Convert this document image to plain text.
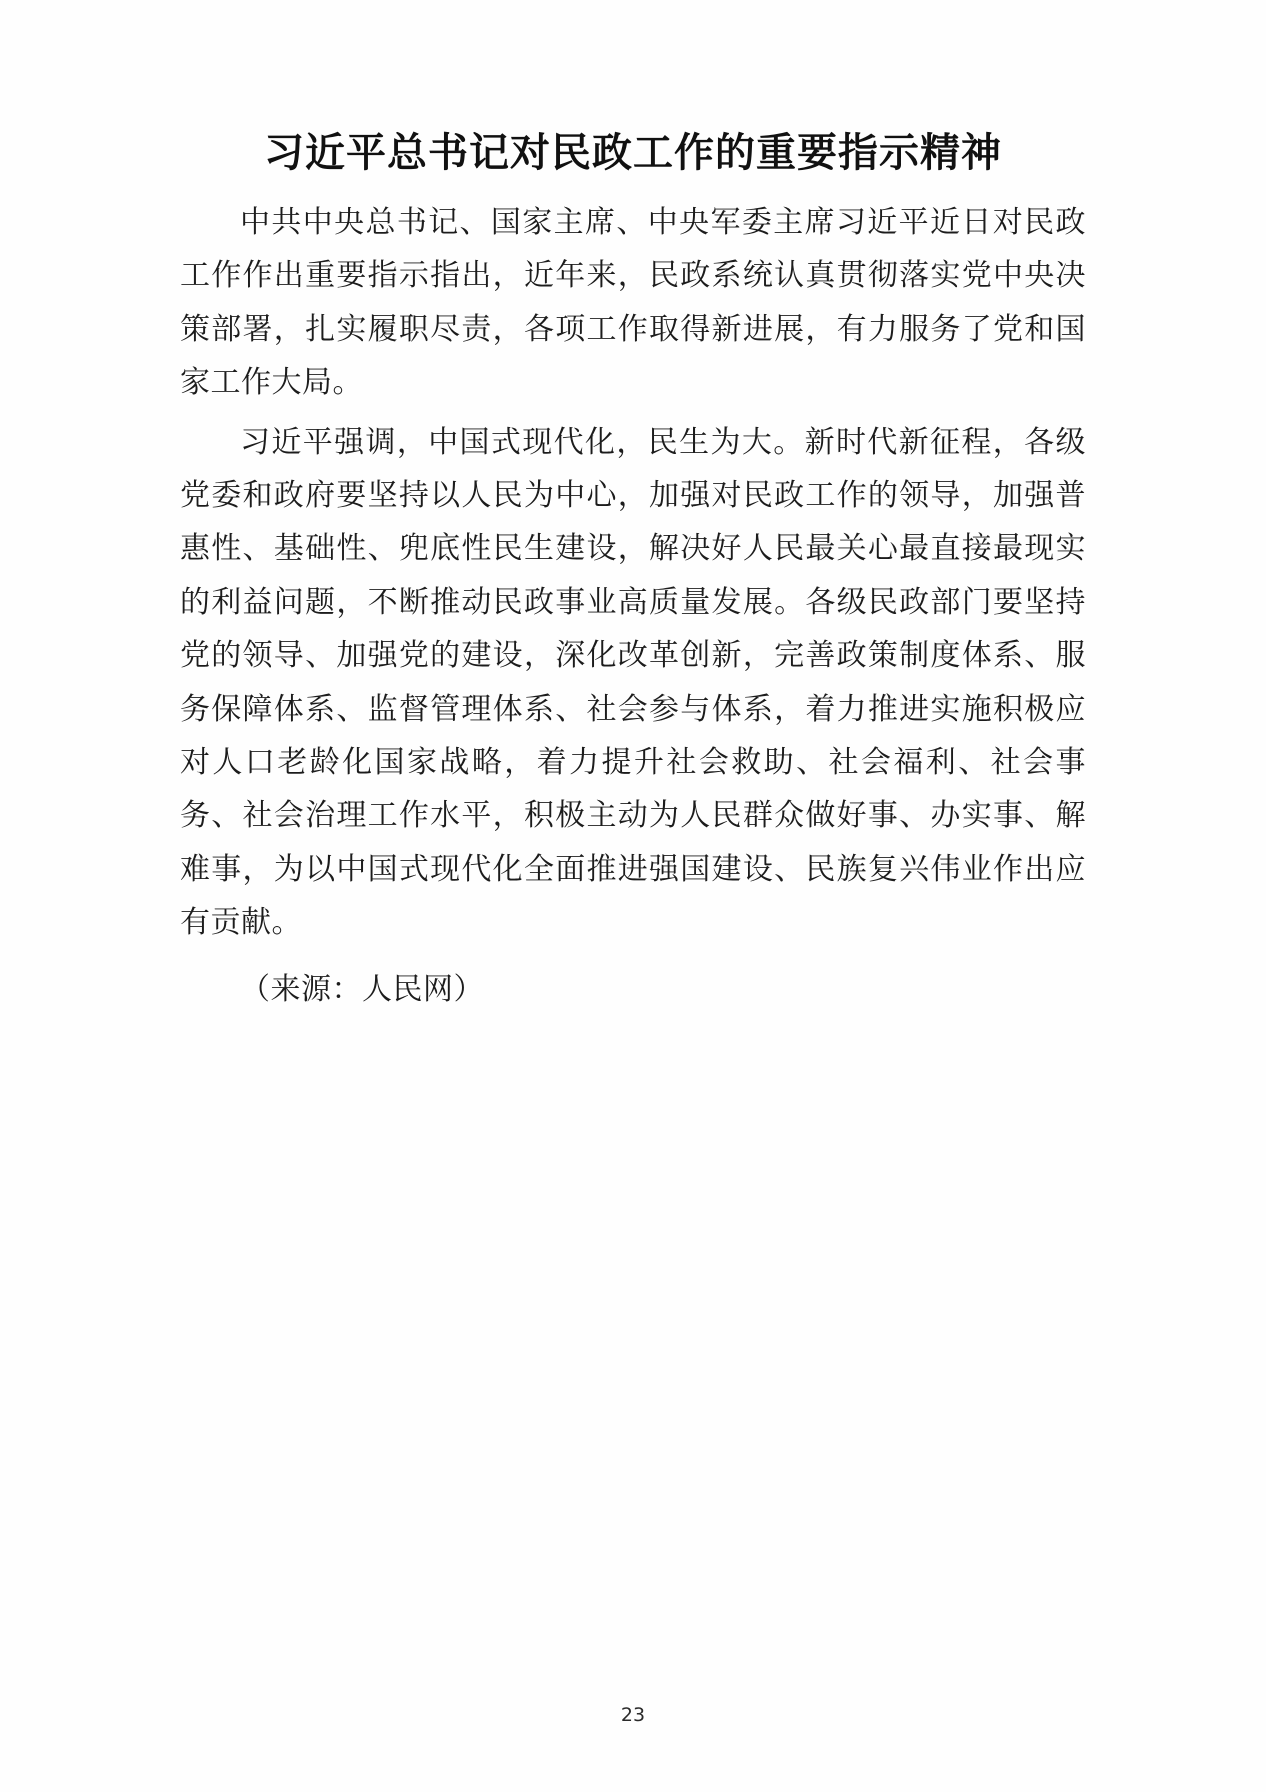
习近平总书记对民政工作的重要指示精神

中共中央总书记、国家主席、中央军委主席习近平近日对民政工作作出重要指示指出，近年来，民政系统认真贯彻落实党中央决策部署，扎实履职尽责，各项工作取得新进展，有力服务了党和国家工作大局。

习近平强调，中国式现代化，民生为大。新时代新征程，各级党委和政府要坚持以人民为中心，加强对民政工作的领导，加强普惠性、基础性、兜底性民生建设，解决好人民最关心最直接最现实的利益问题，不断推动民政事业高质量发展。各级民政部门要坚持党的领导、加强党的建设，深化改革创新，完善政策制度体系、服务保障体系、监督管理体系、社会参与体系，着力推进实施积极应对人口老龄化国家战略，着力提升社会救助、社会福利、社会事务、社会治理工作水平，积极主动为人民群众做好事、办实事、解难事，为以中国式现代化全面推进强国建设、民族复兴伟业作出应有贡献。

（来源：人民网）

23
